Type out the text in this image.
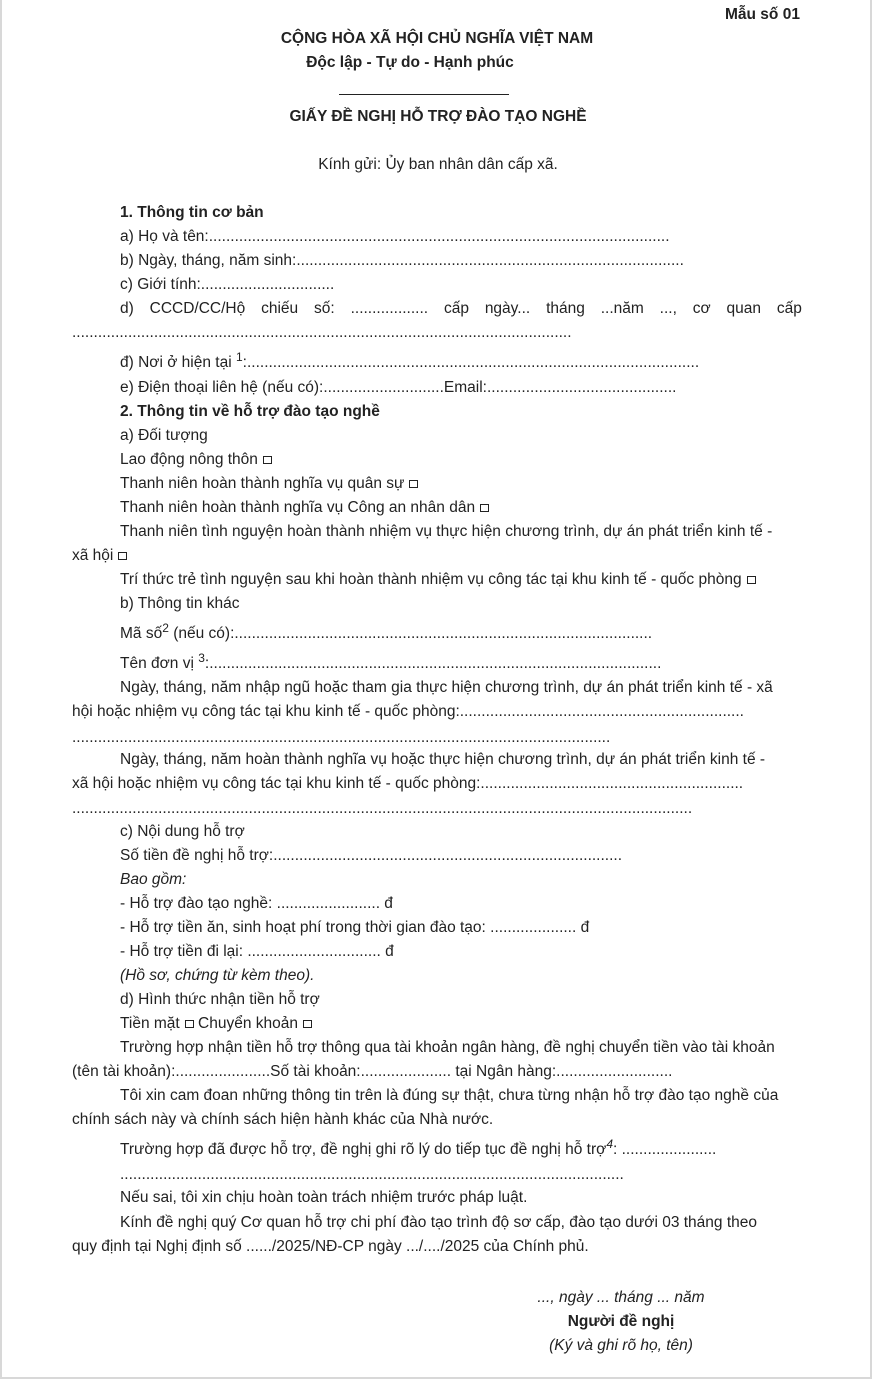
Mẫu số 01
CỘNG HÒA XÃ HỘI CHỦ NGHĨA VIỆT NAM
Độc lập - Tự do - Hạnh phúc
GIẤY ĐỀ NGHỊ HỖ TRỢ ĐÀO TẠO NGHỀ
Kính gửi: Ủy ban nhân dân cấp xã.
1. Thông tin cơ bản
a) Họ và tên:...........................................................................................................
b) Ngày, tháng, năm sinh:..........................................................................................
c) Giới tính:...............................
d) CCCD/CC/Hộ chiếu số: .................. cấp ngày... tháng ...năm ..., cơ quan cấp
....................................................................................................................
đ) Nơi ở hiện tại $^1$:.........................................................................................................
e) Điện thoại liên hệ (nếu có):............................Email:............................................
2. Thông tin về hỗ trợ đào tạo nghề
a) Đối tượng
Lao động nông thôn
Thanh niên hoàn thành nghĩa vụ quân sự
Thanh niên hoàn thành nghĩa vụ Công an nhân dân
Thanh niên tình nguyện hoàn thành nhiệm vụ thực hiện chương trình, dự án phát triển kinh tế -
xã hội
Trí thức trẻ tình nguyện sau khi hoàn thành nhiệm vụ công tác tại khu kinh tế - quốc phòng
b) Thông tin khác
Mã số$^2$ (nếu có):.................................................................................................
Tên đơn vị $^3$:.........................................................................................................
Ngày, tháng, năm nhập ngũ hoặc tham gia thực hiện chương trình, dự án phát triển kinh tế - xã
hội hoặc nhiệm vụ công tác tại khu kinh tế - quốc phòng:..................................................................
.............................................................................................................................
Ngày, tháng, năm hoàn thành nghĩa vụ hoặc thực hiện chương trình, dự án phát triển kinh tế -
xã hội hoặc nhiệm vụ công tác tại khu kinh tế - quốc phòng:.............................................................
................................................................................................................................................
c) Nội dung hỗ trợ
Số tiền đề nghị hỗ trợ:.................................................................................
Bao gồm:
- Hỗ trợ đào tạo nghề: ........................ đ
- Hỗ trợ tiền ăn, sinh hoạt phí trong thời gian đào tạo: .................... đ
- Hỗ trợ tiền đi lại: ............................... đ
(Hồ sơ, chứng từ kèm theo).
d) Hình thức nhận tiền hỗ trợ
Tiền mặt Chuyển khoản
Trường hợp nhận tiền hỗ trợ thông qua tài khoản ngân hàng, đề nghị chuyển tiền vào tài khoản
(tên tài khoản):......................Số tài khoản:..................... tại Ngân hàng:...........................
Tôi xin cam đoan những thông tin trên là đúng sự thật, chưa từng nhận hỗ trợ đào tạo nghề của
chính sách này và chính sách hiện hành khác của Nhà nước.
Trường hợp đã được hỗ trợ, đề nghị ghi rõ lý do tiếp tục đề nghị hỗ trợ$^4$: ......................
.....................................................................................................................
Nếu sai, tôi xin chịu hoàn toàn trách nhiệm trước pháp luật.
Kính đề nghị quý Cơ quan hỗ trợ chi phí đào tạo trình độ sơ cấp, đào tạo dưới 03 tháng theo
quy định tại Nghị định số ....../2025/NĐ-CP ngày .../..../2025 của Chính phủ.
..., ngày ... tháng ... năm
Người đề nghị
(Ký và ghi rõ họ, tên)
